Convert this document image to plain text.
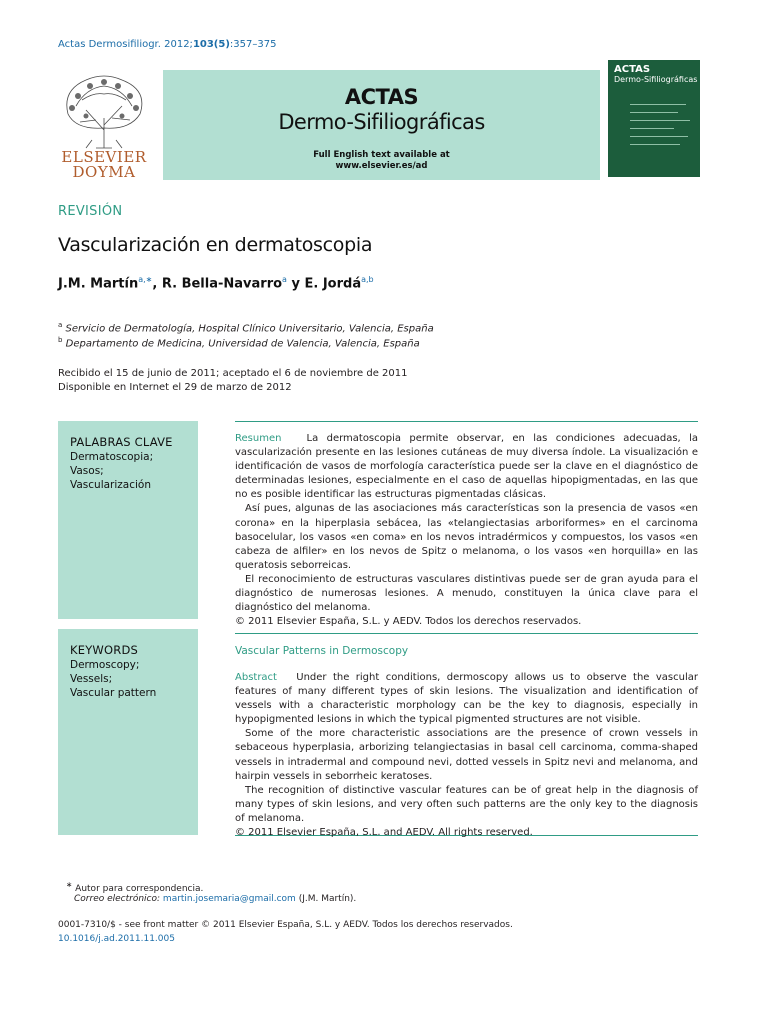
Actas Dermosifiliogr. 2012;103(5):357–375
ELSEVIER
DOYMA
ACTAS
Dermo-Sifiliográficas
Full English text available at
www.elsevier.es/ad
ACTAS
Dermo-Sifiliográficas
REVISIÓN
Vascularización en dermatoscopia
J.M. Martín$^{a,∗}$, R. Bella-Navarro$^a$ y E. Jordá$^{a,b}$
$^a$ Servicio de Dermatología, Hospital Clínico Universitario, Valencia, España
$^b$ Departamento de Medicina, Universidad de Valencia, Valencia, España
Recibido el 15 de junio de 2011; aceptado el 6 de noviembre de 2011
Disponible en Internet el 29 de marzo de 2012
PALABRAS CLAVE
Dermatoscopia;
Vasos;
Vascularización
KEYWORDS
Dermoscopy;
Vessels;
Vascular pattern

Resumen	La dermatoscopia permite observar, en las condiciones adecuadas, la vascularización presente en las lesiones cutáneas de muy diversa índole. La visualización e identificación de vasos de morfología característica puede ser la clave en el diagnóstico de determinadas lesiones, especialmente en el caso de aquellas hipopigmentadas, en las que no es posible identificar las estructuras pigmentadas clásicas.

Así pues, algunas de las asociaciones más características son la presencia de vasos «en corona» en la hiperplasia sebácea, las «telangiectasias arboriformes» en el carcinoma basocelular, los vasos «en coma» en los nevos intradérmicos y compuestos, los vasos «en cabeza de alfiler» en los nevos de Spitz o melanoma, o los vasos «en horquilla» en las queratosis seborreicas.

El reconocimiento de estructuras vasculares distintivas puede ser de gran ayuda para el diagnóstico de numerosas lesiones. A menudo, constituyen la única clave para el diagnóstico del melanoma.

© 2011 Elsevier España, S.L. y AEDV. Todos los derechos reservados.

Vascular Patterns in Dermoscopy

Abstract Under the right conditions, dermoscopy allows us to observe the vascular features of many different types of skin lesions. The visualization and identification of vessels with a characteristic morphology can be the key to diagnosis, especially in hypopigmented lesions in which the typical pigmented structures are not visible.

Some of the more characteristic associations are the presence of crown vessels in sebaceous hyperplasia, arborizing telangiectasias in basal cell carcinoma, comma-shaped vessels in intradermal and compound nevi, dotted vessels in Spitz nevi and melanoma, and hairpin vessels in seborrheic keratoses.

The recognition of distinctive vascular features can be of great help in the diagnosis of many types of skin lesions, and very often such patterns are the only key to the diagnosis of melanoma.

© 2011 Elsevier España, S.L. and AEDV. All rights reserved.

∗ Autor para correspondencia.
Correo electrónico: martin.josemaria@gmail.com (J.M. Martín).
0001-7310/$ - see front matter © 2011 Elsevier España, S.L. y AEDV. Todos los derechos reservados.
10.1016/j.ad.2011.11.005
